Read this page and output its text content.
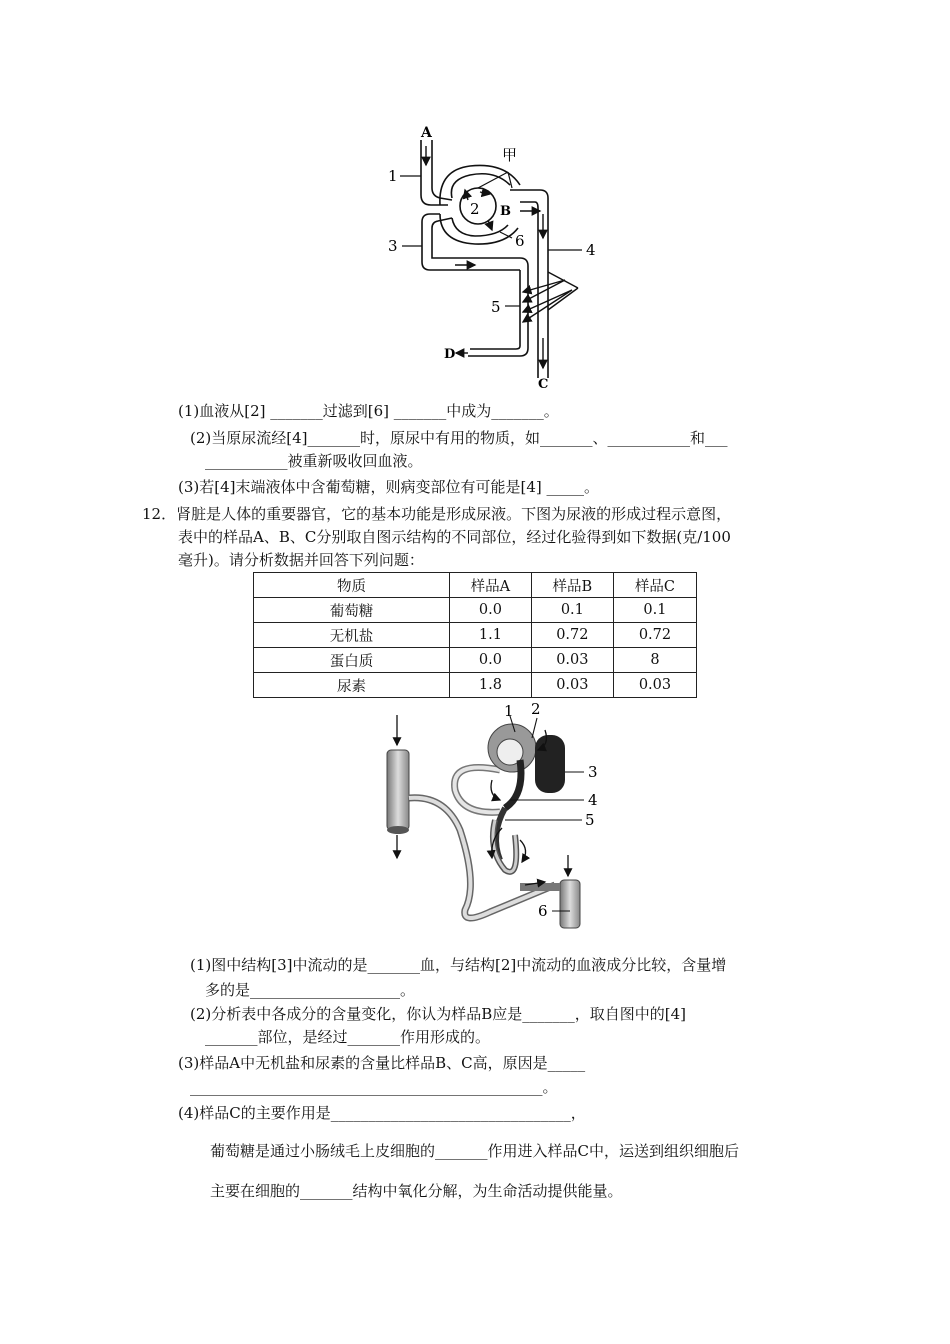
A
甲
1
2 B
6
3	4
5
D
C
(1)血液从[2] _______过滤到[6] _______中成为_______。
(2)当原尿流经[4]_______时，原尿中有用的物质，如_______、___________和___
___________被重新吸收回血液。
(3)若[4]末端液体中含葡萄糖，则病变部位有可能是[4] _____。
12．肾脏是人体的重要器官，它的基本功能是形成尿液。下图为尿液的形成过程示意图，
表中的样品A、B、C分别取自图示结构的不同部位，经过化验得到如下数据(克/100
毫升)。请分析数据并回答下列问题：
物质	样品A	样品B	样品C
葡萄糖	0.0	0.1	0.1
无机盐	1.1	0.72	0.72
蛋白质	0.0	0.03	8
尿素	1.8	0.03	0.03
1 2
3
4
5
6
(1)图中结构[3]中流动的是_______血，与结构[2]中流动的血液成分比较，含量增
多的是____________________。
(2)分析表中各成分的含量变化，你认为样品B应是_______，取自图中的[4]
_______部位，是经过_______作用形成的。
(3)样品A中无机盐和尿素的含量比样品B、C高，原因是_____
_______________________________________________。
(4)样品C的主要作用是________________________________，
葡萄糖是通过小肠绒毛上皮细胞的_______作用进入样品C中，运送到组织细胞后
主要在细胞的_______结构中氧化分解，为生命活动提供能量。
